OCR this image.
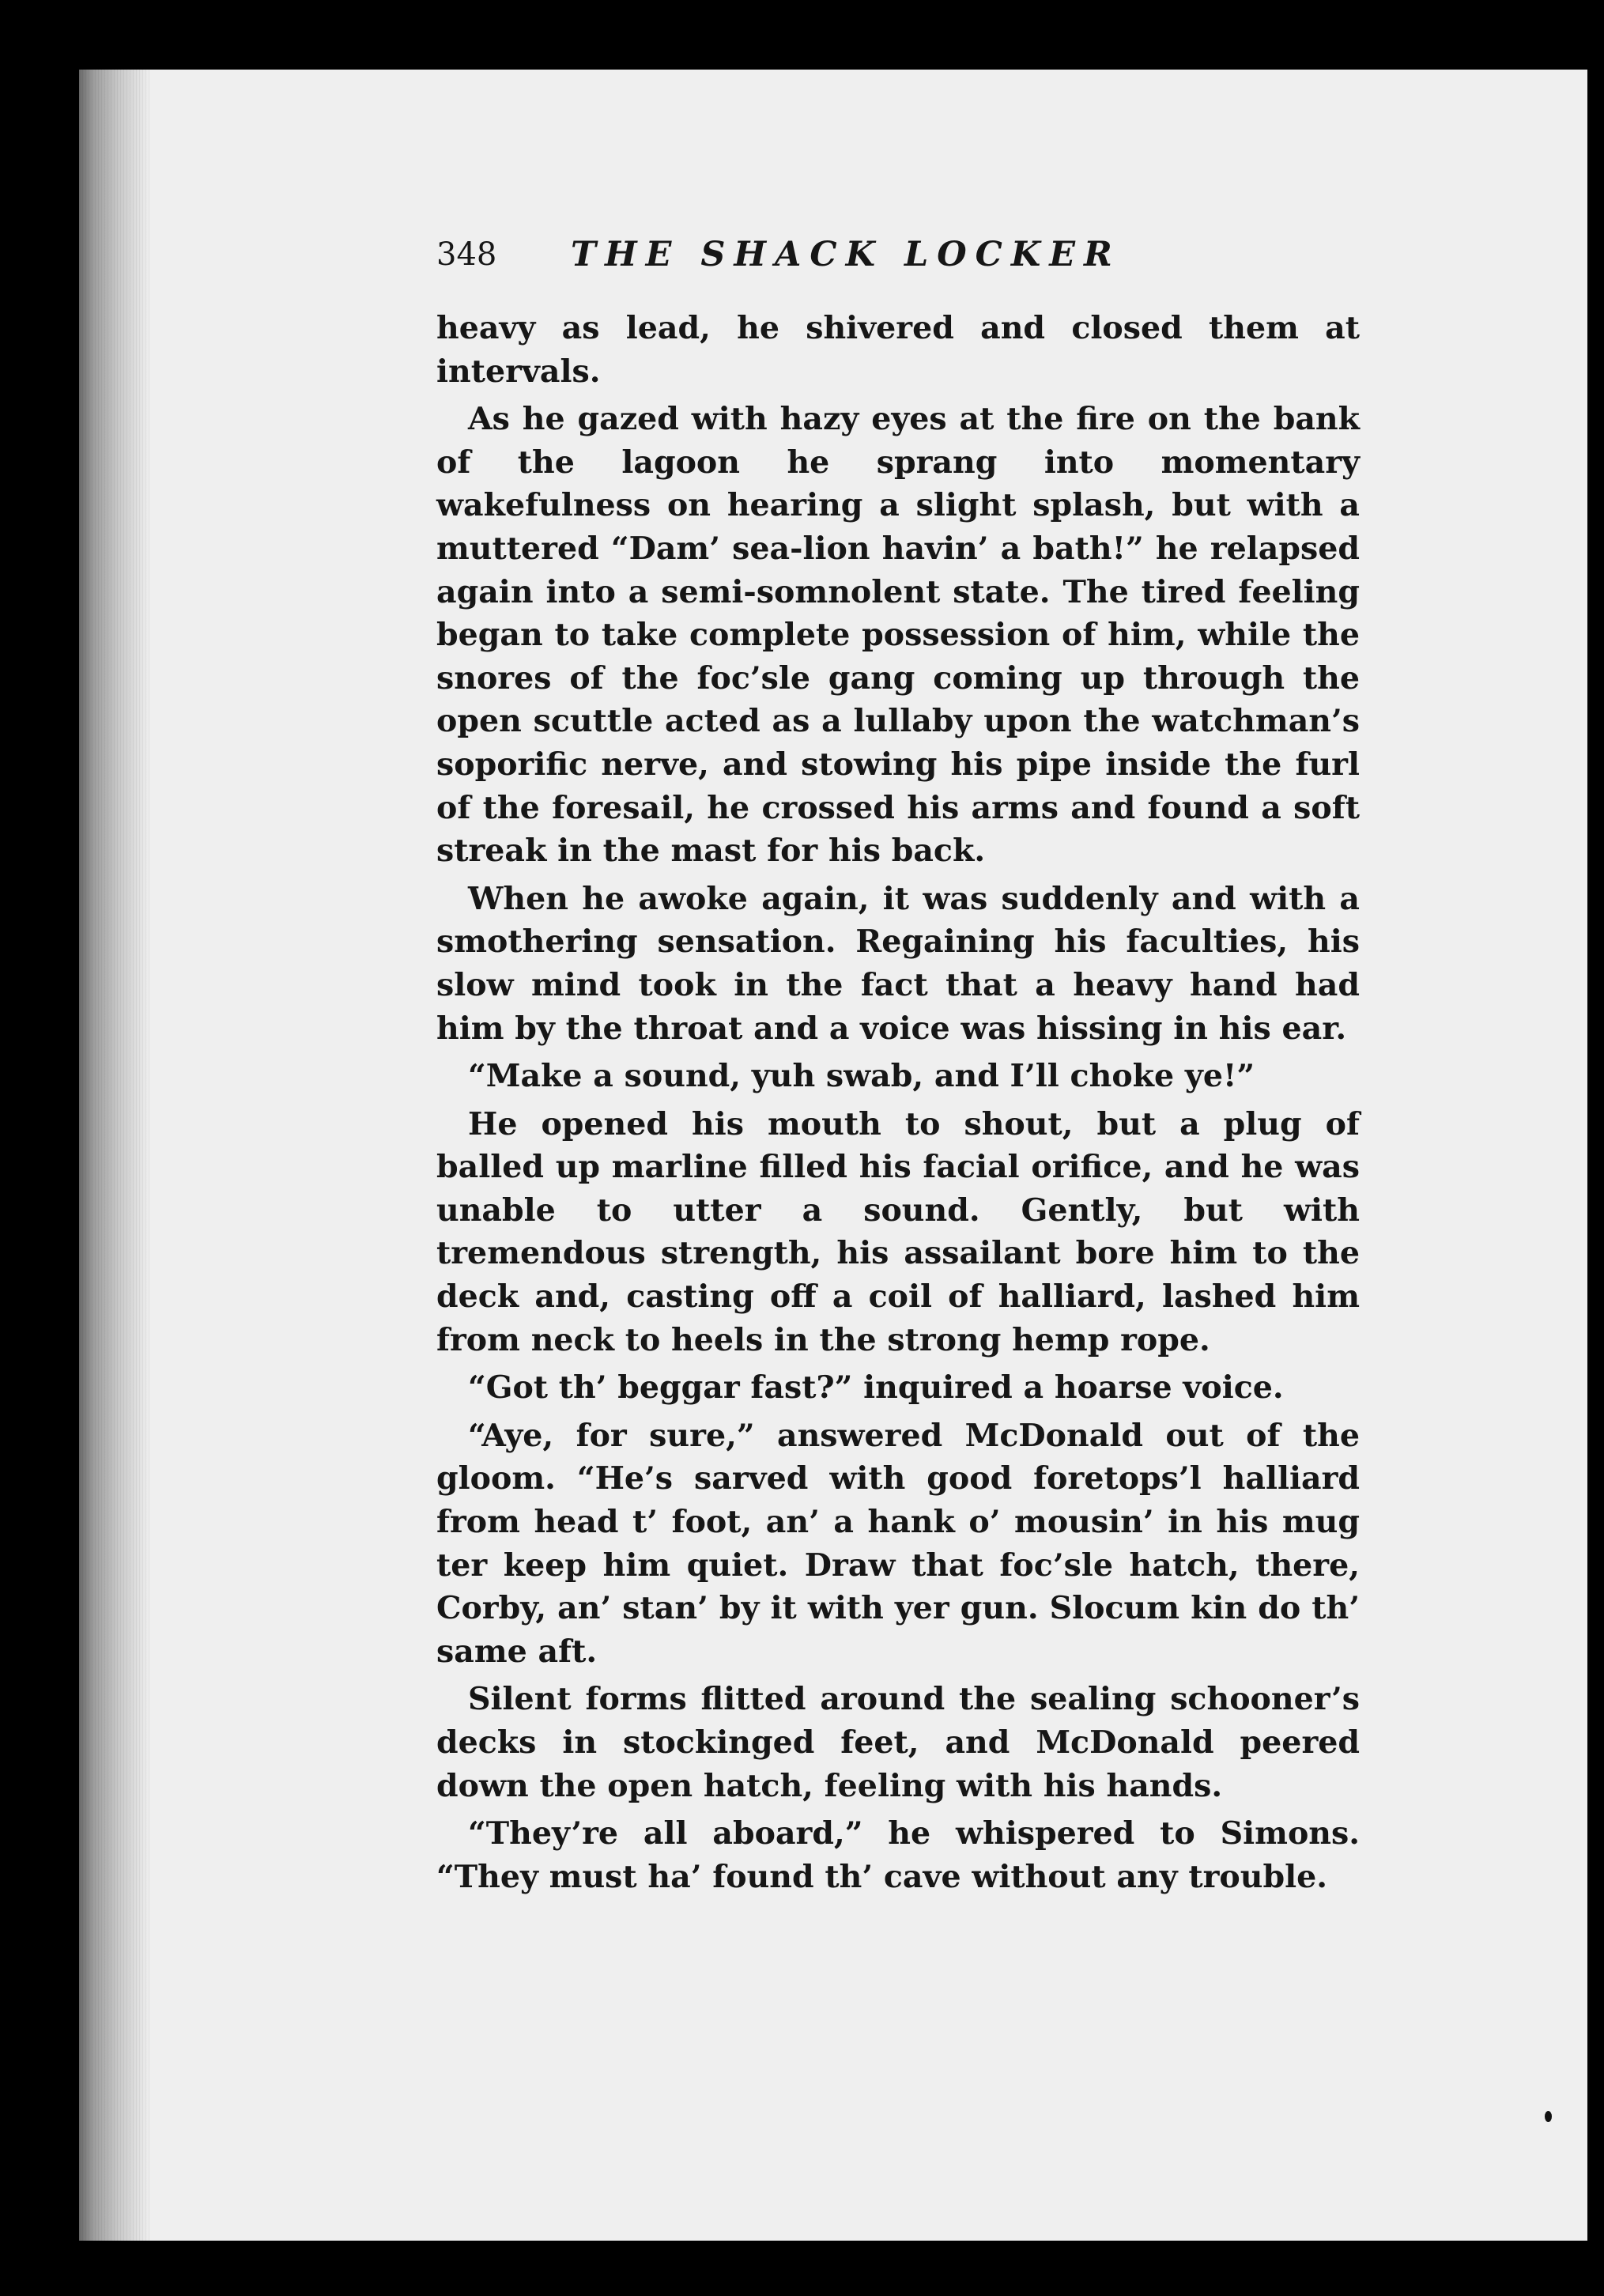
348 THE SHACK LOCKER

heavy as lead, he shivered and closed them at intervals.

As he gazed with hazy eyes at the fire on the bank of the lagoon he sprang into momentary wakefulness on hearing a slight splash, but with a muttered “Dam’ sea-lion havin’ a bath!” he relapsed again into a semi-somnolent state. The tired feeling began to take complete possession of him, while the snores of the foc’sle gang coming up through the open scuttle acted as a lullaby upon the watchman’s soporific nerve, and stowing his pipe inside the furl of the foresail, he crossed his arms and found a soft streak in the mast for his back.

When he awoke again, it was suddenly and with a smothering sensation. Regaining his faculties, his slow mind took in the fact that a heavy hand had him by the throat and a voice was hissing in his ear.

“Make a sound, yuh swab, and I’ll choke ye!”

He opened his mouth to shout, but a plug of balled up marline filled his facial orifice, and he was unable to utter a sound. Gently, but with tremendous strength, his assailant bore him to the deck and, casting off a coil of halliard, lashed him from neck to heels in the strong hemp rope.

“Got th’ beggar fast?” inquired a hoarse voice.

“Aye, for sure,” answered McDonald out of the gloom. “He’s sarved with good foretops’l halliard from head t’ foot, an’ a hank o’ mousin’ in his mug ter keep him quiet. Draw that foc’sle hatch, there, Corby, an’ stan’ by it with yer gun. Slocum kin do th’ same aft.

Silent forms flitted around the sealing schooner’s decks in stockinged feet, and McDonald peered down the open hatch, feeling with his hands.

“They’re all aboard,” he whispered to Simons. “They must ha’ found th’ cave without any trouble.
